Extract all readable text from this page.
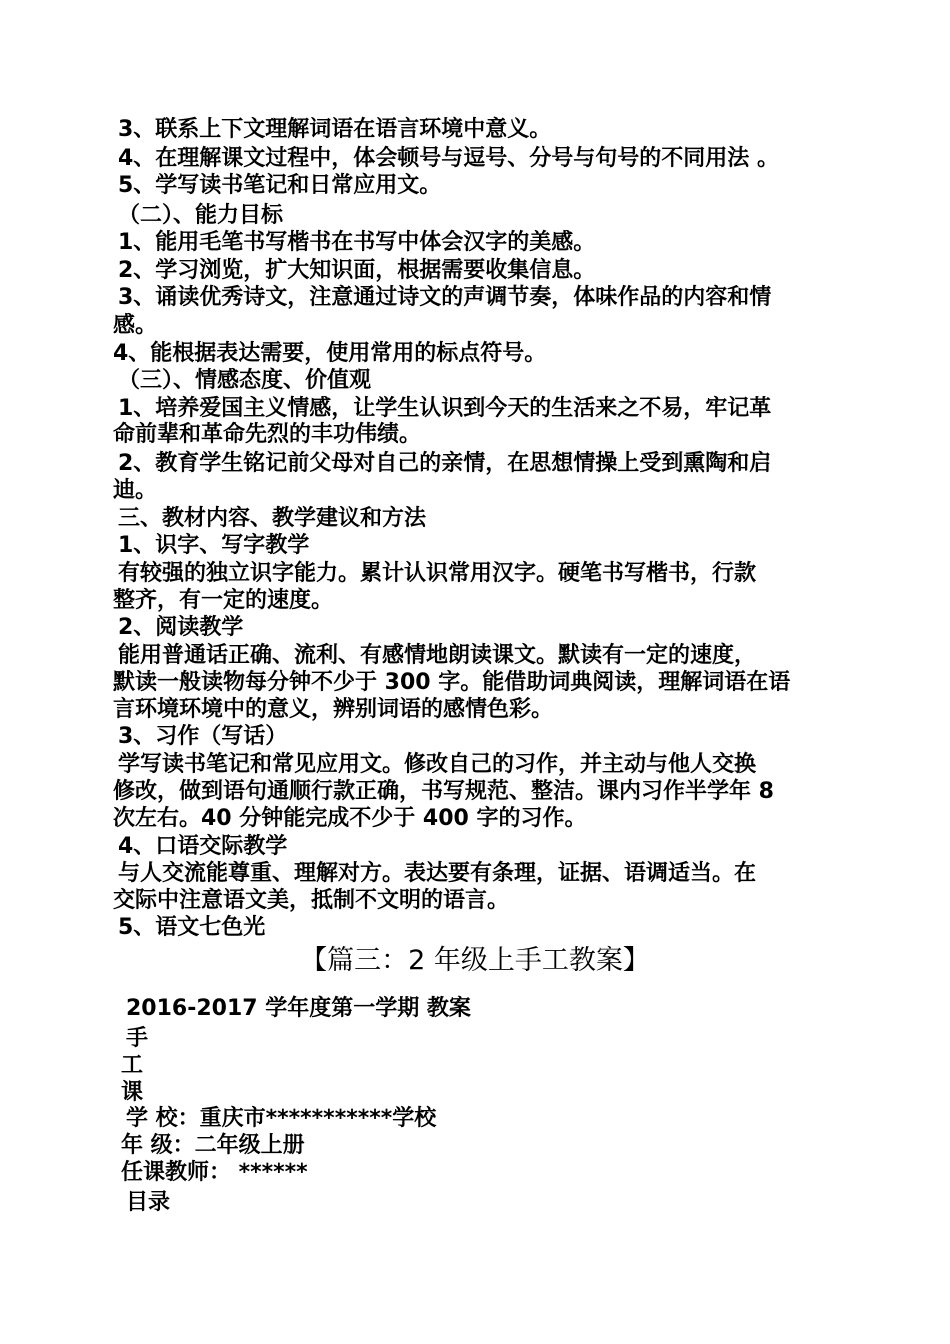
3、联系上下文理解词语在语言环境中意义。
4、在理解课文过程中，体会顿号与逗号、分号与句号的不同用法 。
5、学写读书笔记和日常应用文。
（二）、能力目标
1、能用毛笔书写楷书在书写中体会汉字的美感。
2、学习浏览，扩大知识面，根据需要收集信息。
3、诵读优秀诗文，注意通过诗文的声调节奏，体味作品的内容和情
感。
4、能根据表达需要，使用常用的标点符号。
（三）、情感态度、价值观
1、培养爱国主义情感，让学生认识到今天的生活来之不易，牢记革
命前辈和革命先烈的丰功伟绩。
2、教育学生铭记前父母对自己的亲情，在思想情操上受到熏陶和启
迪。
三、教材内容、教学建议和方法
1、识字、写字教学
有较强的独立识字能力。累计认识常用汉字。硬笔书写楷书，行款
整齐，有一定的速度。
2、阅读教学
能用普通话正确、流利、有感情地朗读课文。默读有一定的速度，
默读一般读物每分钟不少于 300 字。能借助词典阅读，理解词语在语
言环境环境中的意义，辨别词语的感情色彩。
3、习作（写话）
学写读书笔记和常见应用文。修改自己的习作，并主动与他人交换
修改，做到语句通顺行款正确，书写规范、整洁。课内习作半学年 8
次左右。40 分钟能完成不少于 400 字的习作。
4、口语交际教学
与人交流能尊重、理解对方。表达要有条理，证据、语调适当。在
交际中注意语文美，抵制不文明的语言。
5、语文七色光
【篇三：2 年级上手工教案】
2016-2017 学年度第一学期 教案
手
工
课
学 校：重庆市***********学校
年 级：二年级上册
任课教师： ******
目录
